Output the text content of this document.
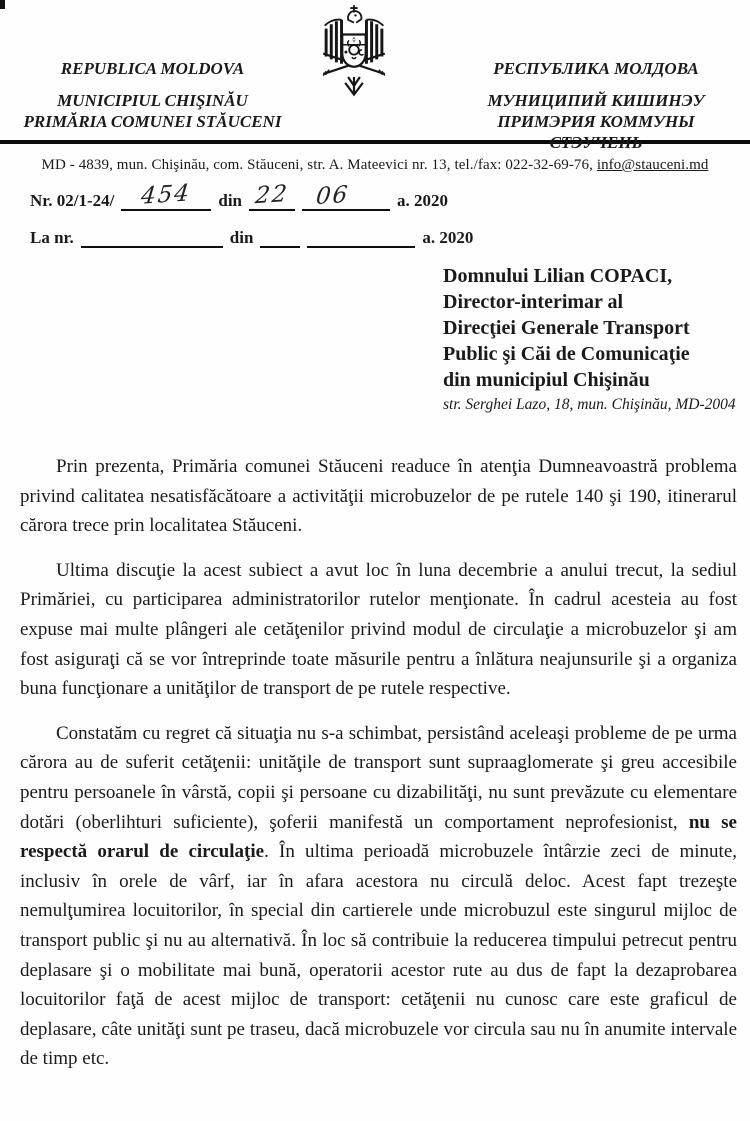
REPUBLICA MOLDOVA
MUNICIPIUL CHIŞINĂU
PRIMĂRIA COMUNEI STĂUCENI
РЕСПУБЛИКА МОЛДОВА
МУНИЦИПИЙ КИШИНЭУ
ПРИМЭРИЯ КОММУНЫ СТЭУЧЕНЬ
MD - 4839, mun. Chişinău, com. Stăuceni, str. A. Mateevici nr. 13, tel./fax: 022-32-69-76, info@stauceni.md
Nr. 02/1-24/	454	din 22	06	a. 2020
La nr.	din	a. 2020
Domnului Lilian COPACI,
Director-interimar al
Direcţiei Generale Transport
Public şi Căi de Comunicaţie
din municipiul Chişinău
str. Serghei Lazo, 18, mun. Chişinău, MD-2004

Prin prezenta, Primăria comunei Stăuceni readuce în atenţia Dumneavoastră problema privind calitatea nesatisfăcătoare a activităţii microbuzelor de pe rutele 140 şi 190, itinerarul cărora trece prin localitatea Stăuceni.

Ultima discuţie la acest subiect a avut loc în luna decembrie a anului trecut, la sediul Primăriei, cu participarea administratorilor rutelor menţionate. În cadrul acesteia au fost expuse mai multe plângeri ale cetăţenilor privind modul de circulaţie a microbuzelor şi am fost asiguraţi că se vor întreprinde toate măsurile pentru a înlătura neajunsurile şi a organiza buna funcţionare a unităţilor de transport de pe rutele respective.

Constatăm cu regret că situaţia nu s-a schimbat, persistând aceleaşi probleme de pe urma cărora au de suferit cetăţenii: unităţile de transport sunt supraaglomerate şi greu accesibile pentru persoanele în vârstă, copii şi persoane cu dizabilităţi, nu sunt prevăzute cu elementare dotări (oberlihturi suficiente), şoferii manifestă un comportament neprofesionist, nu se respectă orarul de circulaţie. În ultima perioadă microbuzele întârzie zeci de minute, inclusiv în orele de vârf, iar în afara acestora nu circulă deloc. Acest fapt trezeşte nemulţumirea locuitorilor, în special din cartierele unde microbuzul este singurul mijloc de transport public şi nu au alternativă. În loc să contribuie la reducerea timpului petrecut pentru deplasare şi o mobilitate mai bună, operatorii acestor rute au dus de fapt la dezaprobarea locuitorilor faţă de acest mijloc de transport: cetăţenii nu cunosc care este graficul de deplasare, câte unităţi sunt pe traseu, dacă microbuzele vor circula sau nu în anumite intervale de timp etc.
